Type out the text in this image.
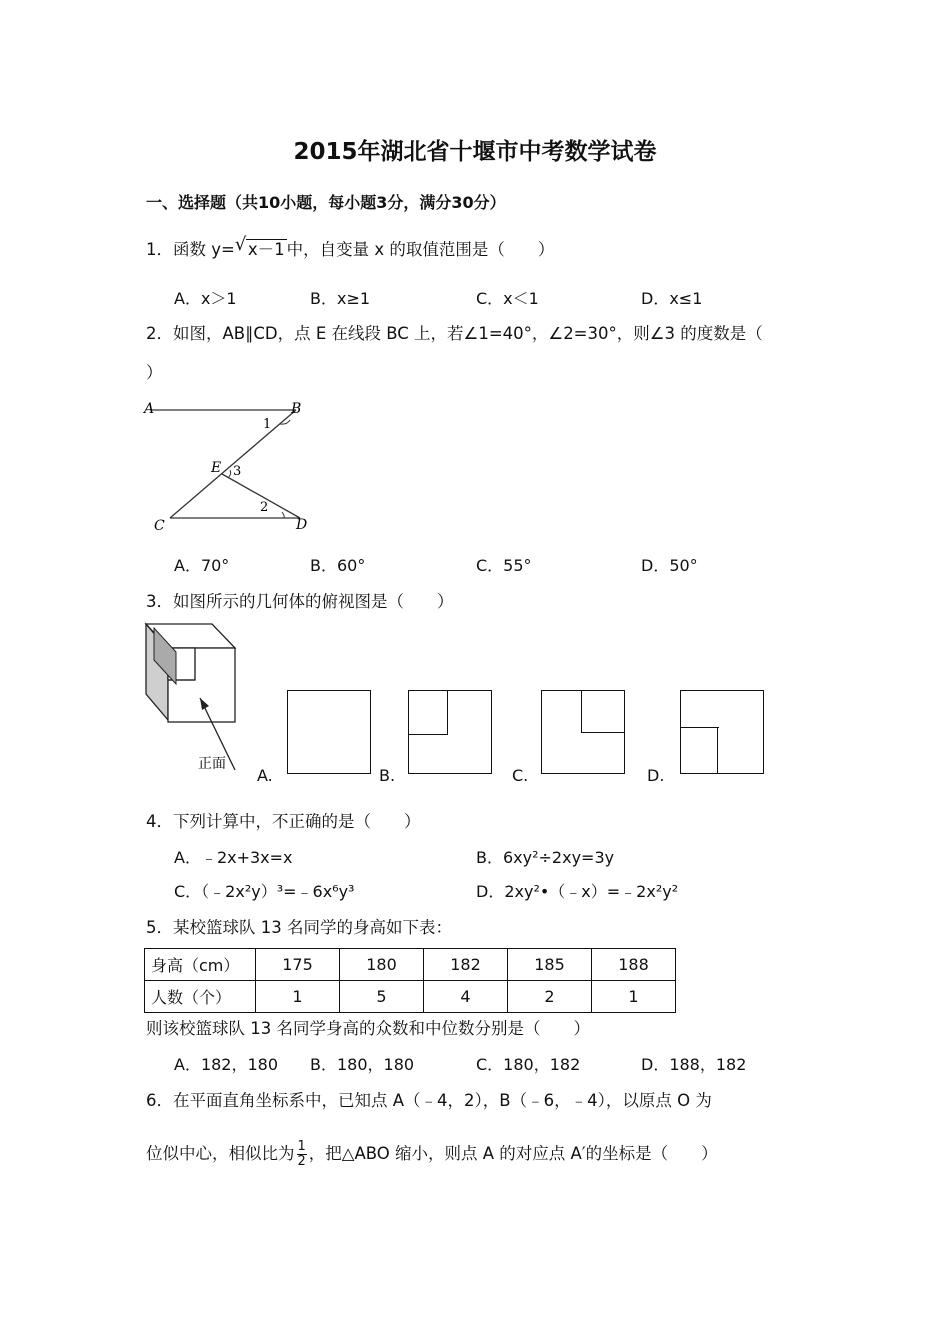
2015年湖北省十堰市中考数学试卷
一、选择题（共10小题，每小题3分，满分30分）
1．函数 y= √ x－1 中，自变量 x 的取值范围是（　　）
A．x＞1	B．x≥1	C．x＜1	D．x≤1
2．如图，AB∥CD，点 E 在线段 BC 上，若∠1=40°，∠2=30°，则∠3 的度数是（
）
A	B
C	D
E
1
2
3
A．70°	B．60°	C．55°	D．50°
3．如图所示的几何体的俯视图是（　　）
正面
A.	B.	C.	D.
4．下列计算中，不正确的是（　　）
A．﹣2x+3x=x	B．6xy²÷2xy=3y
C．（﹣2x²y）³=﹣6x⁶y³	D．2xy²•（﹣x）=﹣2x²y²
5．某校篮球队 13 名同学的身高如下表：
身高（cm）	175	180	182	185	188
人数（个）	1	5	4	2	1
则该校篮球队 13 名同学身高的众数和中位数分别是（　　）
A．182，180 B．180，180	C．180，182	D．188，182
6．在平面直角坐标系中，已知点 A（﹣4，2），B（﹣6，﹣4），以原点 O 为
位似中心，相似比为 $\frac{1}{2}$ ，把△ABO 缩小，则点 A 的对应点 A′的坐标是（　　）
